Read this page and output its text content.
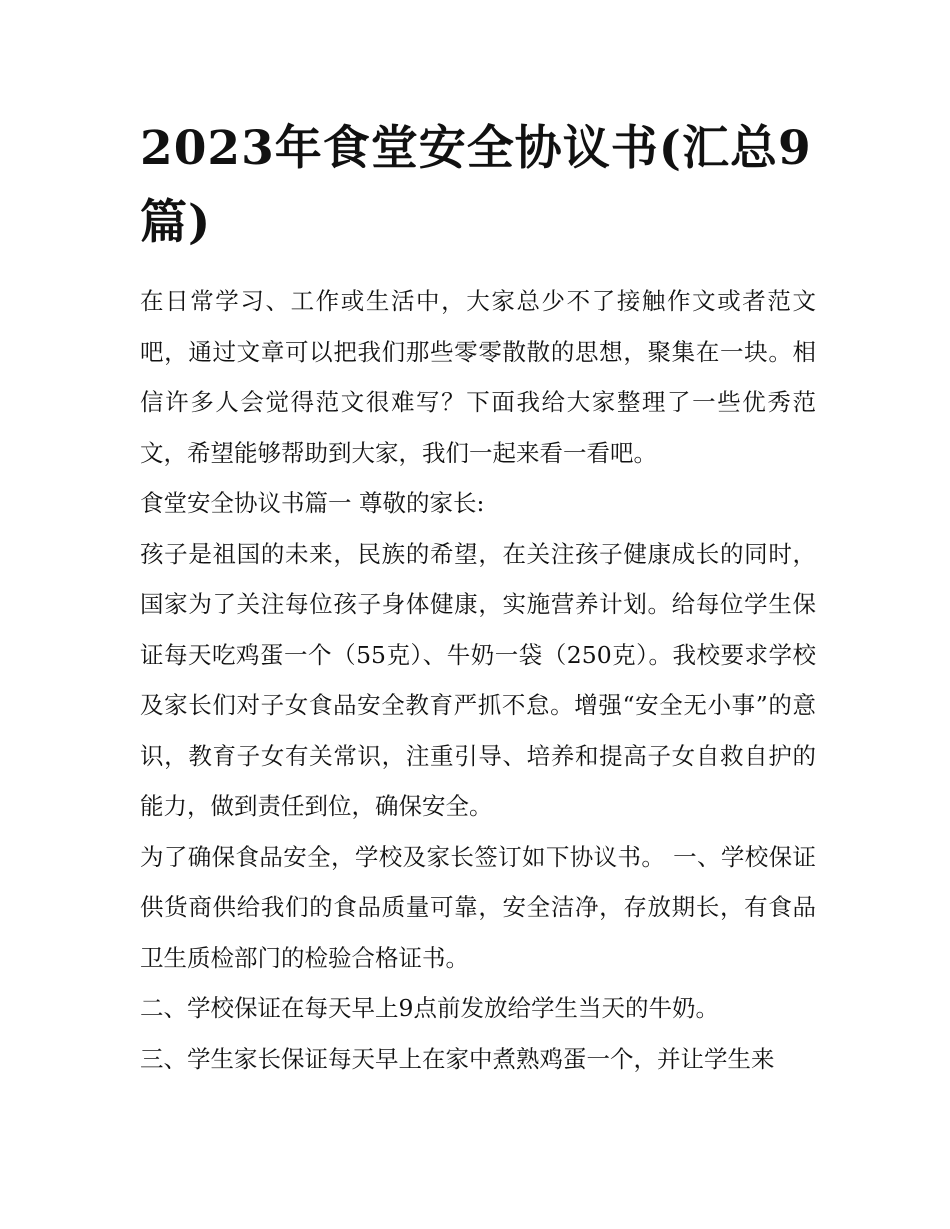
2023年食堂安全协议书(汇总9篇)

在日常学习、工作或生活中，大家总少不了接触作文或者范文吧，通过文章可以把我们那些零零散散的思想，聚集在一块。相信许多人会觉得范文很难写？下面我给大家整理了一些优秀范文，希望能够帮助到大家，我们一起来看一看吧。

食堂安全协议书篇一 尊敬的家长:

孩子是祖国的未来，民族的希望，在关注孩子健康成长的同时，国家为了关注每位孩子身体健康，实施营养计划。给每位学生保证每天吃鸡蛋一个（55克）、牛奶一袋（250克）。我校要求学校及家长们对子女食品安全教育严抓不怠。增强“安全无小事”的意识，教育子女有关常识，注重引导、培养和提高子女自救自护的能力，做到责任到位，确保安全。

为了确保食品安全，学校及家长签订如下协议书。 一、学校保证供货商供给我们的食品质量可靠，安全洁净，存放期长，有食品卫生质检部门的检验合格证书。

二、学校保证在每天早上9点前发放给学生当天的牛奶。

三、学生家长保证每天早上在家中煮熟鸡蛋一个，并让学生来
